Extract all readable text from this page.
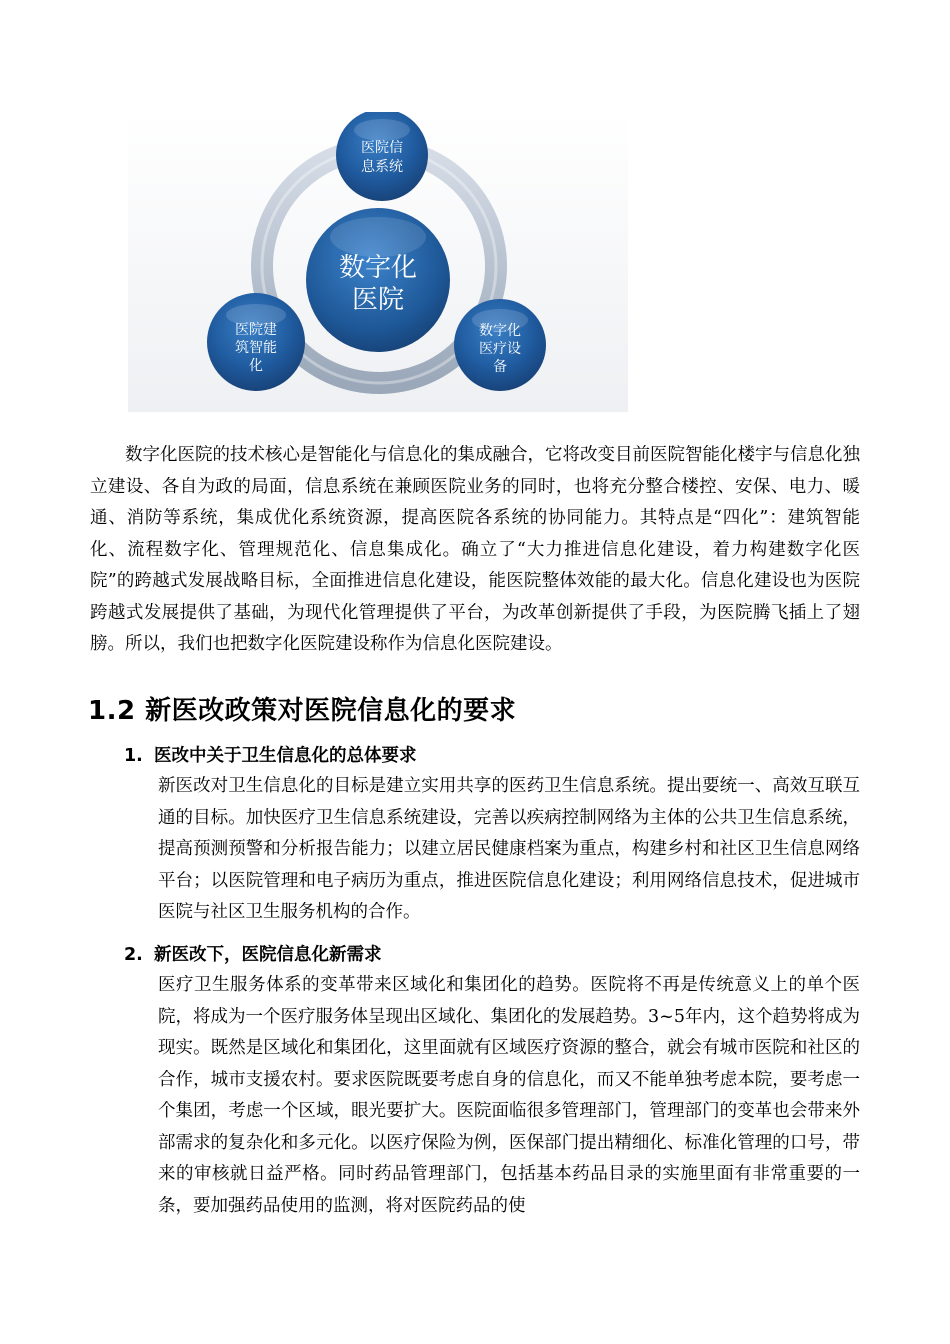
数字化
医院
医院信
息系统
医院建
筑智能
化
数字化
医疗设
备

数字化医院的技术核心是智能化与信息化的集成融合，它将改变目前医院智能化楼宇与信息化独立建设、各自为政的局面，信息系统在兼顾医院业务的同时，也将充分整合楼控、安保、电力、暖通、消防等系统，集成优化系统资源，提高医院各系统的协同能力。其特点是“四化”：建筑智能化、流程数字化、管理规范化、信息集成化。确立了“大力推进信息化建设，着力构建数字化医院”的跨越式发展战略目标，全面推进信息化建设，能医院整体效能的最大化。信息化建设也为医院跨越式发展提供了基础，为现代化管理提供了平台，为改革创新提供了手段，为医院腾飞插上了翅膀。所以，我们也把数字化医院建设称作为信息化医院建设。

1.2 新医改政策对医院信息化的要求
1. 医改中关于卫生信息化的总体要求

新医改对卫生信息化的目标是建立实用共享的医药卫生信息系统。提出要统一、高效互联互通的目标。加快医疗卫生信息系统建设，完善以疾病控制网络为主体的公共卫生信息系统，提高预测预警和分析报告能力；以建立居民健康档案为重点，构建乡村和社区卫生信息网络平台；以医院管理和电子病历为重点，推进医院信息化建设；利用网络信息技术，促进城市医院与社区卫生服务机构的合作。

2. 新医改下，医院信息化新需求

医疗卫生服务体系的变革带来区域化和集团化的趋势。医院将不再是传统意义上的单个医院，将成为一个医疗服务体呈现出区域化、集团化的发展趋势。3~5年内，这个趋势将成为现实。既然是区域化和集团化，这里面就有区域医疗资源的整合，就会有城市医院和社区的合作，城市支援农村。要求医院既要考虑自身的信息化，而又不能单独考虑本院，要考虑一个集团，考虑一个区域，眼光要扩大。医院面临很多管理部门，管理部门的变革也会带来外部需求的复杂化和多元化。以医疗保险为例，医保部门提出精细化、标准化管理的口号，带来的审核就日益严格。同时药品管理部门，包括基本药品目录的实施里面有非常重要的一条，要加强药品使用的监测，将对医院药品的使
